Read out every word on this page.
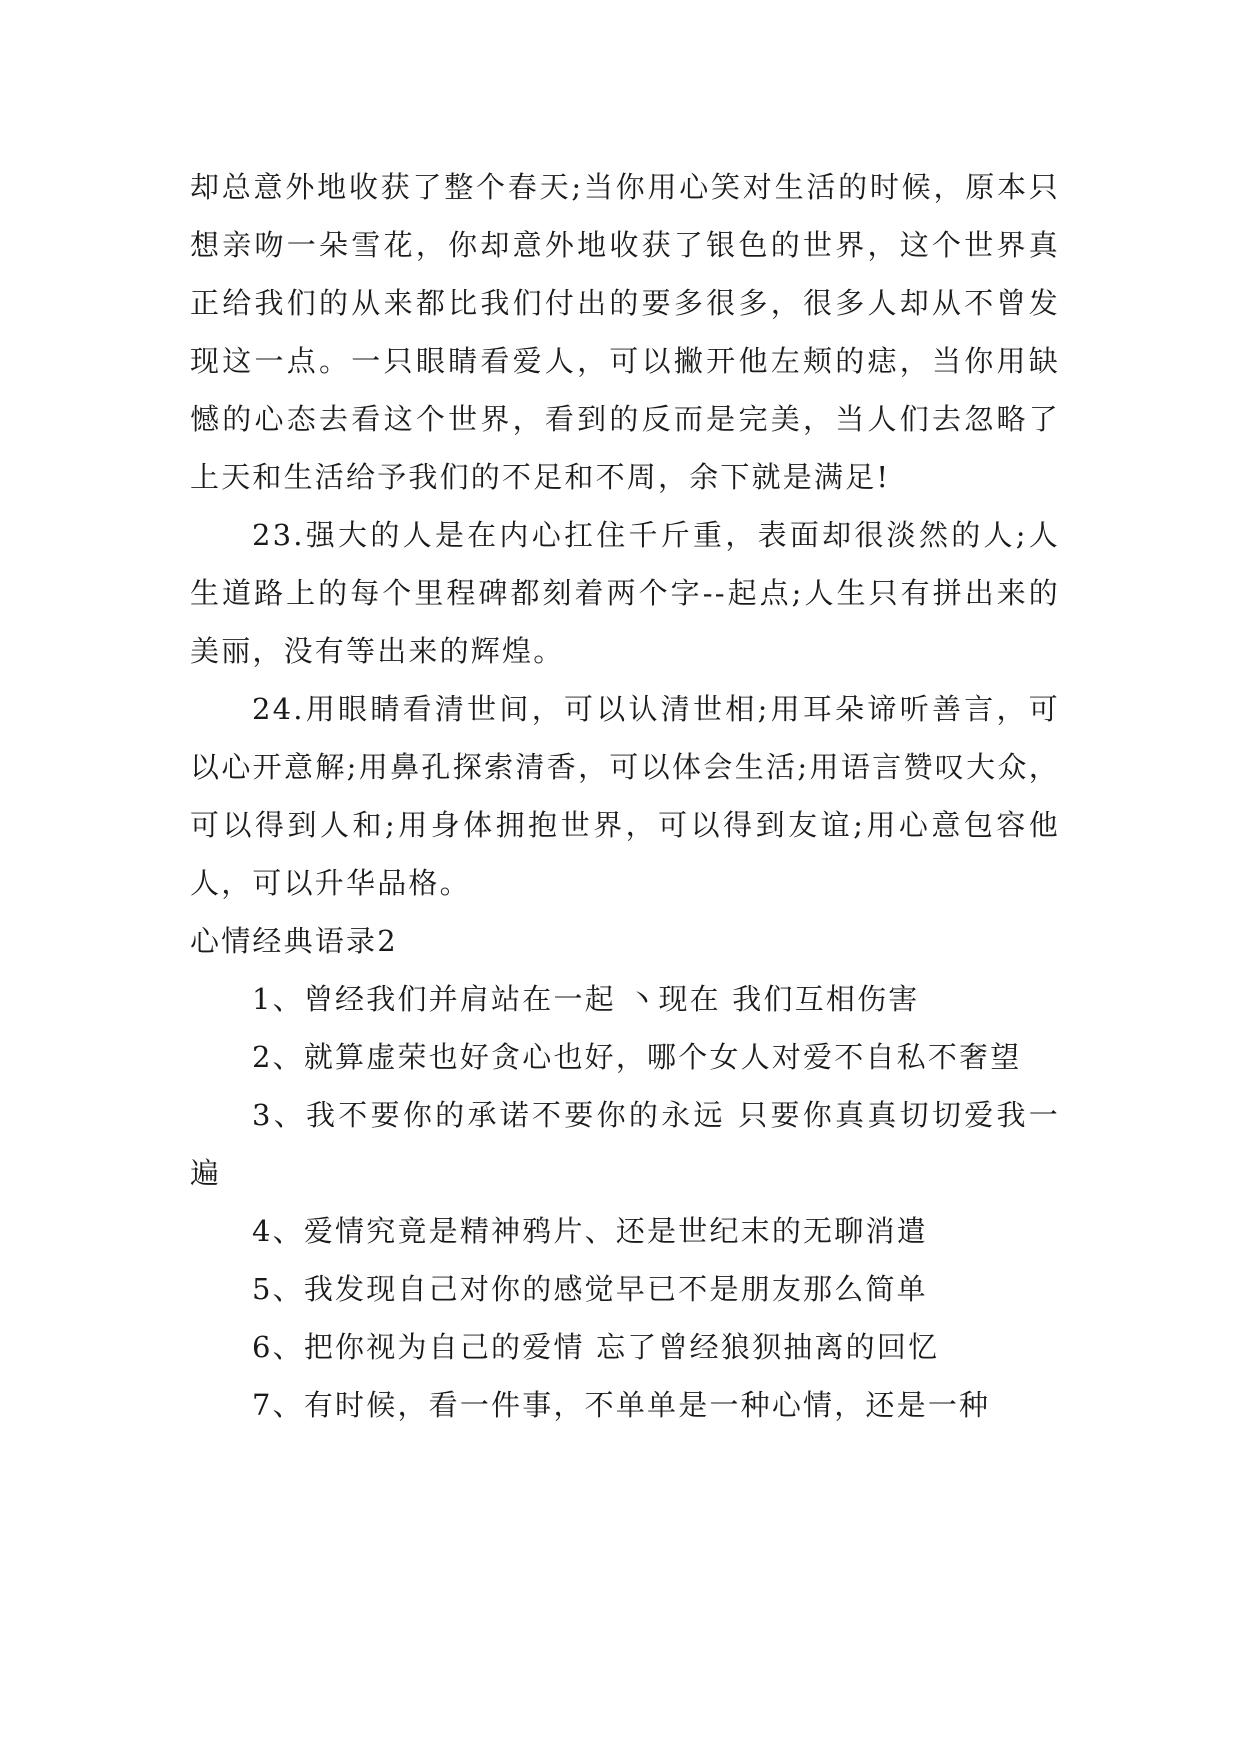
却总意外地收获了整个春天;当你用心笑对生活的时候，原本只想亲吻一朵雪花，你却意外地收获了银色的世界，这个世界真正给我们的从来都比我们付出的要多很多，很多人却从不曾发现这一点。一只眼睛看爱人，可以撇开他左颊的痣，当你用缺憾的心态去看这个世界，看到的反而是完美，当人们去忽略了上天和生活给予我们的不足和不周，余下就是满足!

23.强大的人是在内心扛住千斤重，表面却很淡然的人;人生道路上的每个里程碑都刻着两个字--起点;人生只有拼出来的美丽，没有等出来的辉煌。

24.用眼睛看清世间，可以认清世相;用耳朵谛听善言，可以心开意解;用鼻孔探索清香，可以体会生活;用语言赞叹大众，可以得到人和;用身体拥抱世界，可以得到友谊;用心意包容他人，可以升华品格。

心情经典语录2

1、曾经我们并肩站在一起 丶现在 我们互相伤害

2、就算虚荣也好贪心也好，哪个女人对爱不自私不奢望

3、我不要你的承诺不要你的永远 只要你真真切切爱我一遍

4、爱情究竟是精神鸦片、还是世纪末的无聊消遣

5、我发现自己对你的感觉早已不是朋友那么简单

6、把你视为自己的爱情 忘了曾经狼狈抽离的回忆

7、有时候，看一件事，不单单是一种心情，还是一种
